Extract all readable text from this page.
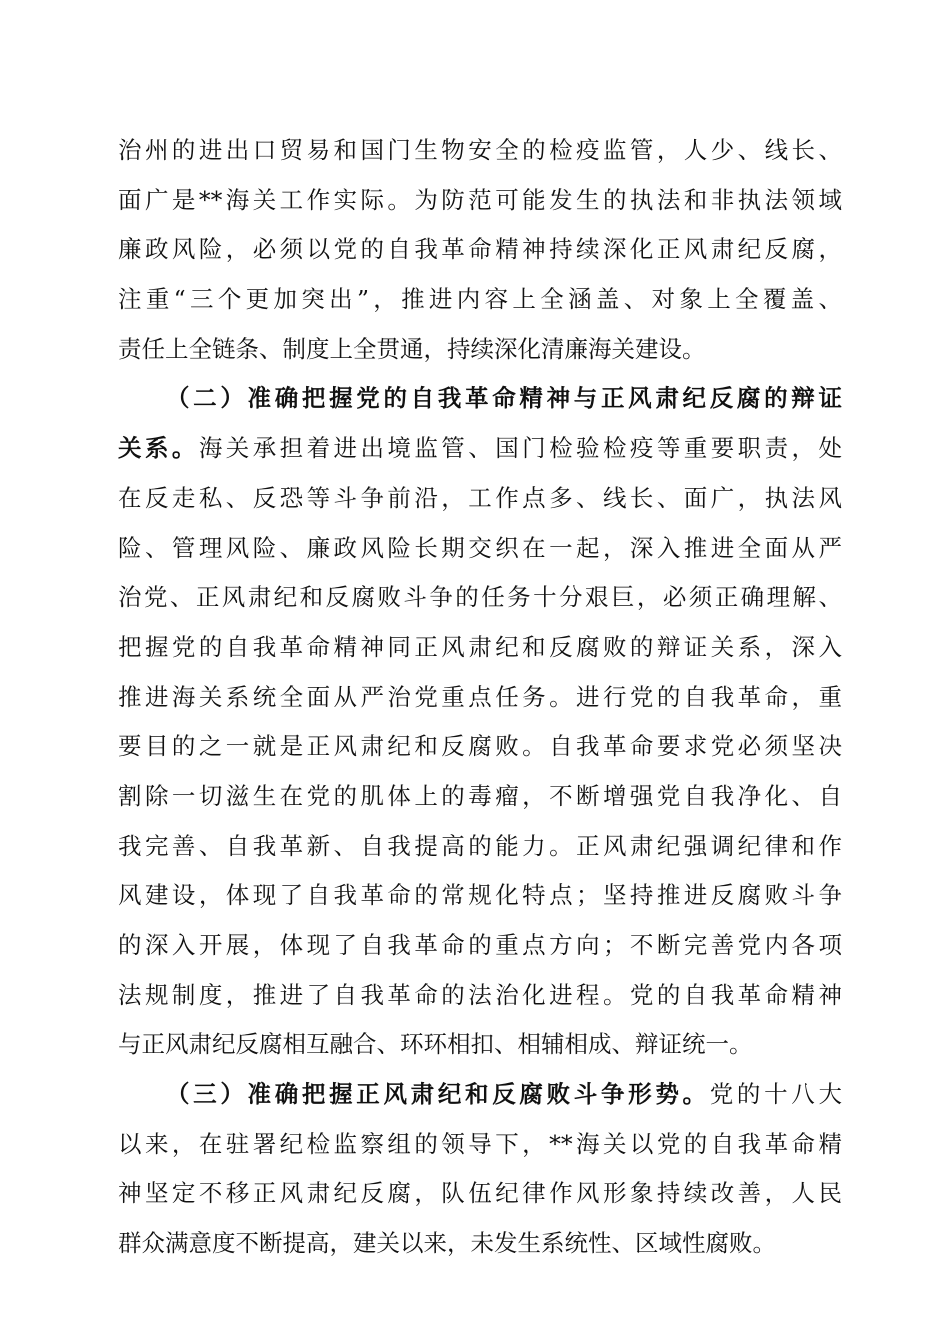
治州的进出口贸易和国门生物安全的检疫监管，人少、线长、
面广是**海关工作实际。为防范可能发生的执法和非执法领域
廉政风险，必须以党的自我革命精神持续深化正风肃纪反腐，
注重“三个更加突出”，推进内容上全涵盖、对象上全覆盖、
责任上全链条、制度上全贯通，持续深化清廉海关建设。
（二）准确把握党的自我革命精神与正风肃纪反腐的辩证
关系。海关承担着进出境监管、国门检验检疫等重要职责，处
在反走私、反恐等斗争前沿，工作点多、线长、面广，执法风
险、管理风险、廉政风险长期交织在一起，深入推进全面从严
治党、正风肃纪和反腐败斗争的任务十分艰巨，必须正确理解、
把握党的自我革命精神同正风肃纪和反腐败的辩证关系，深入
推进海关系统全面从严治党重点任务。进行党的自我革命，重
要目的之一就是正风肃纪和反腐败。自我革命要求党必须坚决
割除一切滋生在党的肌体上的毒瘤，不断增强党自我净化、自
我完善、自我革新、自我提高的能力。正风肃纪强调纪律和作
风建设，体现了自我革命的常规化特点；坚持推进反腐败斗争
的深入开展，体现了自我革命的重点方向；不断完善党内各项
法规制度，推进了自我革命的法治化进程。党的自我革命精神
与正风肃纪反腐相互融合、环环相扣、相辅相成、辩证统一。
（三）准确把握正风肃纪和反腐败斗争形势。党的十八大
以来，在驻署纪检监察组的领导下，**海关以党的自我革命精
神坚定不移正风肃纪反腐，队伍纪律作风形象持续改善，人民
群众满意度不断提高，建关以来，未发生系统性、区域性腐败。
